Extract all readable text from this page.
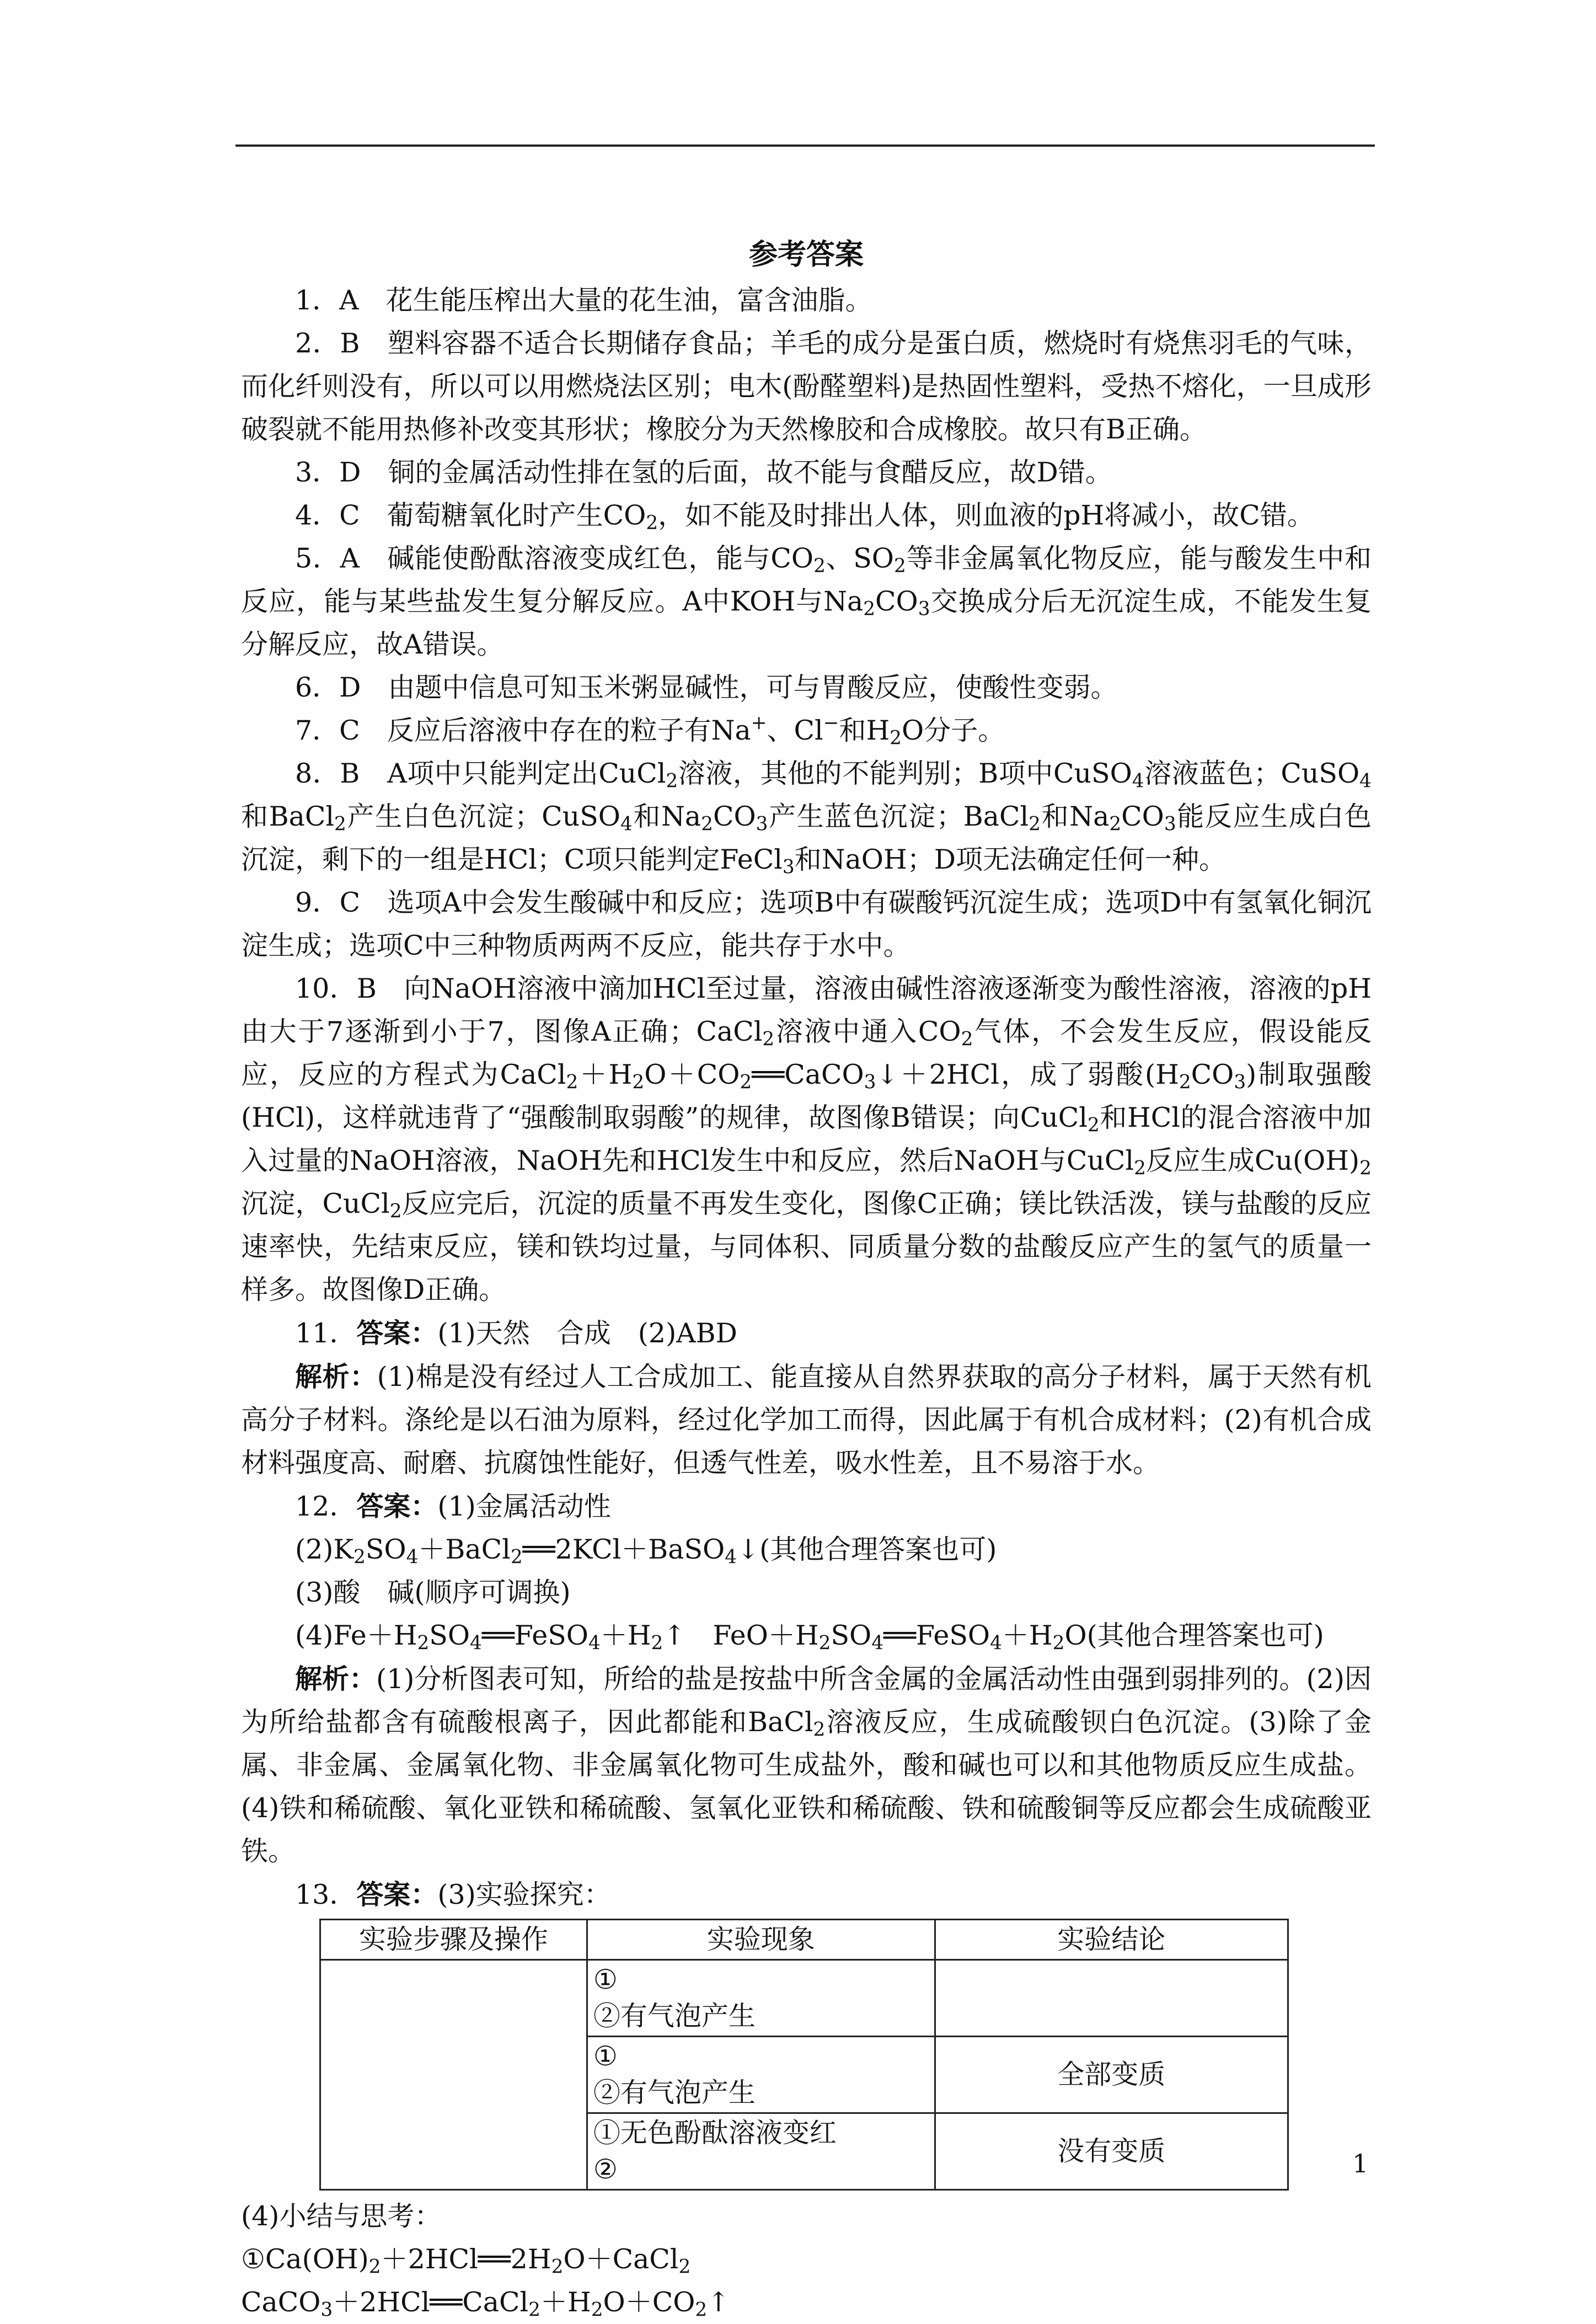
参考答案

1．A　花生能压榨出大量的花生油，富含油脂。

2．B　塑料容器不适合长期储存食品；羊毛的成分是蛋白质，燃烧时有烧焦羽毛的气味，而化纤则没有，所以可以用燃烧法区别；电木(酚醛塑料)是热固性塑料，受热不熔化，一旦成形破裂就不能用热修补改变其形状；橡胶分为天然橡胶和合成橡胶。故只有B正确。

3．D　铜的金属活动性排在氢的后面，故不能与食醋反应，故D错。

4．C　葡萄糖氧化时产生$CO_2$，如不能及时排出人体，则血液的pH将减小，故C错。

5．A　碱能使酚酞溶液变成红色，能与$CO_2$、$SO_2$等非金属氧化物反应，能与酸发生中和反应，能与某些盐发生复分解反应。A中KOH与$Na_2CO_3$交换成分后无沉淀生成，不能发生复分解反应，故A错误。

6．D　由题中信息可知玉米粥显碱性，可与胃酸反应，使酸性变弱。

7．C　反应后溶液中存在的粒子有Na+、Cl−和$H_2O$分子。

8．B　A项中只能判定出CuCl$_2$溶液，其他的不能判别；B项中CuSO$_4$溶液蓝色；CuSO$_4$和BaCl$_2$产生白色沉淀；CuSO$_4$和$Na_2CO_3$产生蓝色沉淀；BaCl$_2$和$Na_2CO_3$能反应生成白色沉淀，剩下的一组是HCl；C项只能判定FeCl$_3$和NaOH；D项无法确定任何一种。

9．C　选项A中会发生酸碱中和反应；选项B中有碳酸钙沉淀生成；选项D中有氢氧化铜沉淀生成；选项C中三种物质两两不反应，能共存于水中。

10．B　向NaOH溶液中滴加HCl至过量，溶液由碱性溶液逐渐变为酸性溶液，溶液的pH由大于7逐渐到小于7，图像A正确；CaCl$_2$溶液中通入$CO_2$气体，不会发生反应，假设能反应，反应的方程式为$CaCl_2+H_2O+CO_2══CaCO_3↓+2HCl$，成了弱酸$(H_2CO_3)$制取强酸(HCl)，这样就违背了“强酸制取弱酸”的规律，故图像B错误；向CuCl$_2$和HCl的混合溶液中加入过量的NaOH溶液，NaOH先和HCl发生中和反应，然后NaOH与CuCl$_2$反应生成$Cu(OH)_2$沉淀，CuCl$_2$反应完后，沉淀的质量不再发生变化，图像C正确；镁比铁活泼，镁与盐酸的反应速率快，先结束反应，镁和铁均过量，与同体积、同质量分数的盐酸反应产生的氢气的质量一样多。故图像D正确。

11．答案：(1)天然　合成　(2)ABD

解析：(1)棉是没有经过人工合成加工、能直接从自然界获取的高分子材料，属于天然有机高分子材料。涤纶是以石油为原料，经过化学加工而得，因此属于有机合成材料；(2)有机合成材料强度高、耐磨、抗腐蚀性能好，但透气性差，吸水性差，且不易溶于水。

12．答案：(1)金属活动性

$(2)K_2SO_4+BaCl_2══2KCl+BaSO_4↓$(其他合理答案也可)

(3)酸　碱(顺序可调换)

$(4)Fe+H_2SO_4══FeSO_4+H_2↑$　$FeO+H_2SO_4══FeSO_4+H_2O$(其他合理答案也可)

解析：(1)分析图表可知，所给的盐是按盐中所含金属的金属活动性由强到弱排列的。(2)因为所给盐都含有硫酸根离子，因此都能和BaCl$_2$溶液反应，生成硫酸钡白色沉淀。(3)除了金属、非金属、金属氧化物、非金属氧化物可生成盐外，酸和碱也可以和其他物质反应生成盐。(4)铁和稀硫酸、氧化亚铁和稀硫酸、氢氧化亚铁和稀硫酸、铁和硫酸铜等反应都会生成硫酸亚铁。

13．答案：(3)实验探究：

实验步骤及操作	实验现象	实验结论

	①
②有气泡产生	

	①
②有气泡产生	全部变质

	①无色酚酞溶液变红
②	没有变质

(4)小结与思考：

$①Ca(OH)_2+2HCl══2H_2O+CaCl_2$

$CaCO_3+2HCl══CaCl_2+H_2O+CO_2↑$

1
